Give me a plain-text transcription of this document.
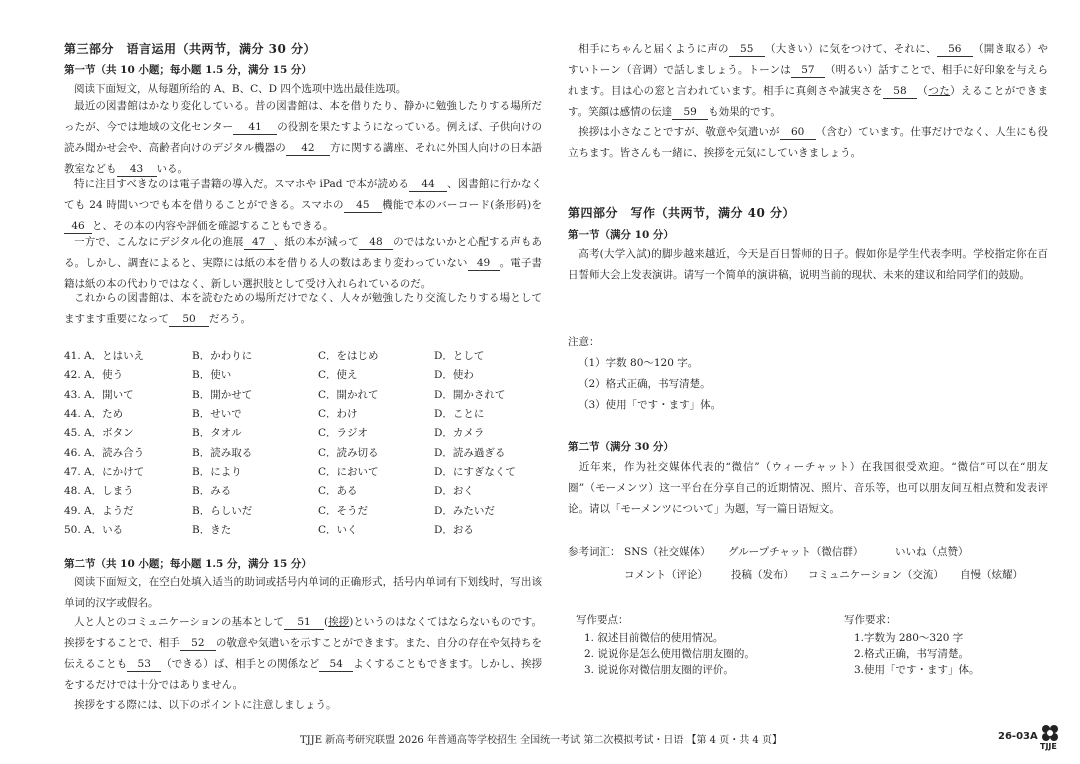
第三部分　语言运用（共两节，满分 30 分）
第一节（共 10 小题；每小题 1.5 分，满分 15 分）
阅读下面短文，从每题所给的 A、B、C、D 四个选项中选出最佳选项。
最近の図書館はかなり変化している。昔の図書館は、本を借りたり、静かに勉強したりする場所だったが、今では地域の文化センター 41 の役割を果たすようになっている。例えば、子供向けの読み聞かせ会や、高齢者向けのデジタル機器の 42 方に関する講座、それに外国人向けの日本語教室なども 43 いる。
特に注目すべきなのは電子書籍の導入だ。スマホや iPad で本が読める 44 、図書館に行かなくても 24 時間いつでも本を借りることができる。スマホの 45 機能で本のバーコード(条形码)を46 と、その本の内容や評価を確認することもできる。
一方で、こんなにデジタル化の進展 47 、紙の本が減って 48 のではないかと心配する声もある。しかし、調査によると、実際には紙の本を借りる人の数はあまり変わっていない 49 。電子書籍は紙の本の代わりではなく、新しい選択肢として受け入れられているのだ。
これからの図書館は、本を読むための場所だけでなく、人々が勉強したり交流したりする場としてますます重要になって 50 だろう。
41. A．とはいえ	B．かわりに	C．をはじめ	D．として
42. A．使う	B．使い	C．使え	D．使わ
43. A．開いて	B．開かせて	C．開かれて	D．開かされて
44. A．ため	B．せいで	C．わけ	D．ことに
45. A．ボタン	B．タオル	C．ラジオ	D．カメラ
46. A．読み合う	B．読み取る	C．読み切る	D．読み過ぎる
47. A．にかけて	B．により	C．において	D．にすぎなくて
48. A．しまう	B．みる	C．ある	D．おく
49. A．ようだ	B．らしいだ	C．そうだ	D．みたいだ
50. A．いる	B．きた	C．いく	D．おる
第二节（共 10 小题；每小题 1.5 分，满分 15 分）
阅读下面短文，在空白处填入适当的助词或括号内单词的正确形式，括号内单词有下划线时，写出该单词的汉字或假名。
人と人とのコミュニケーションの基本として 51 (挨拶)というのはなくてはならないものです。挨拶をすることで、相手 52 の敬意や気遣いを示すことができます。また、自分の存在や気持ちを伝えることも 53 （できる）ば、相手との関係など 54 よくすることもできます。しかし、挨拶をするだけでは十分ではありません。
挨拶をする際には、以下のポイントに注意しましょう。
相手にちゃんと届くように声の 55 （大きい）に気をつけて、それに、 56 （開き取る）やすいトーン（音调）で話しましょう。トーンは 57 （明るい）話すことで、相手に好印象を与えられます。目は心の窓と言われています。相手に真剣さや誠実さを 58 （つた）えることができます。笑顔は感情の伝達 59 も効果的です。
挨拶は小さなことですが、敬意や気遣いが 60 （含む）ています。仕事だけでなく、人生にも役立ちます。皆さんも一緒に、挨拶を元気にしていきましょう。
第四部分　写作（共两节，满分 40 分）
第一节（满分 10 分）
高考(大学入試)的脚步越来越近，今天是百日誓师的日子。假如你是学生代表李明。学校指定你在百日誓师大会上发表演讲。请写一个简单的演讲稿，说明当前的现状、未来的建议和给同学们的鼓励。
注意：
（1）字数 80～120 字。
（2）格式正确，书写清楚。
（3）使用「です・ます」体。
第二节（满分 30 分）
近年来，作为社交媒体代表的“微信”（ウィーチャット）在我国很受欢迎。“微信”可以在“朋友圈”（モーメンツ）这一平台在分享自己的近期情况、照片、音乐等，也可以朋友间互相点赞和发表评论。请以「モーメンツについて」为题，写一篇日语短文。
参考词汇： SNS（社交媒体） グループチャット（微信群）	いいね（点赞）
コメント（评论） 投稿（发布） コミュニケーション（交流） 自慢（炫耀）
写作要点：
1. 叙述目前微信的使用情况。
2. 说说你是怎么使用微信朋友圈的。
3. 说说你对微信朋友圈的评价。
写作要求：
1.字数为 280～320 字
2.格式正确，书写清楚。
3.使用「です・ます」体。
TJJE 新高考研究联盟 2026 年普通高等学校招生 全国统一考试 第二次模拟考试・日语 【第 4 页・共 4 页】	26-03A
TJJE
